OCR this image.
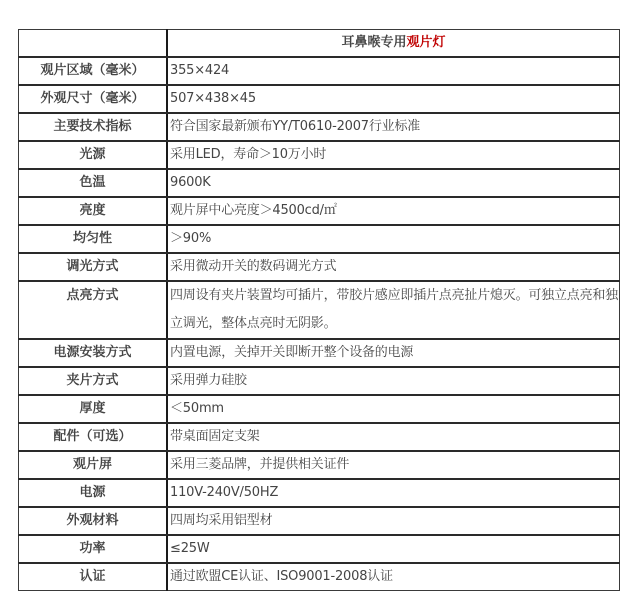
	耳鼻喉专用观片灯
观片区域（毫米）	355×424
外观尺寸（毫米）	507×438×45
主要技术指标	符合国家最新颁布YY/T0610-2007行业标准
光源	采用LED，寿命＞10万小时
色温	9600K
亮度	观片屏中心亮度＞4500cd/㎡
均匀性	＞90%
调光方式	采用微动开关的数码调光方式
点亮方式	四周设有夹片装置均可插片，带胶片感应即插片点亮扯片熄灭。可独立点亮和独立调光，整体点亮时无阴影。
电源安装方式	内置电源，关掉开关即断开整个设备的电源
夹片方式	采用弹力硅胶
厚度	＜50mm
配件（可选）	带桌面固定支架
观片屏	采用三菱品牌，并提供相关证件
电源	110V-240V/50HZ
外观材料	四周均采用铝型材
功率	≤25W
认证	通过欧盟CE认证、ISO9001-2008认证
